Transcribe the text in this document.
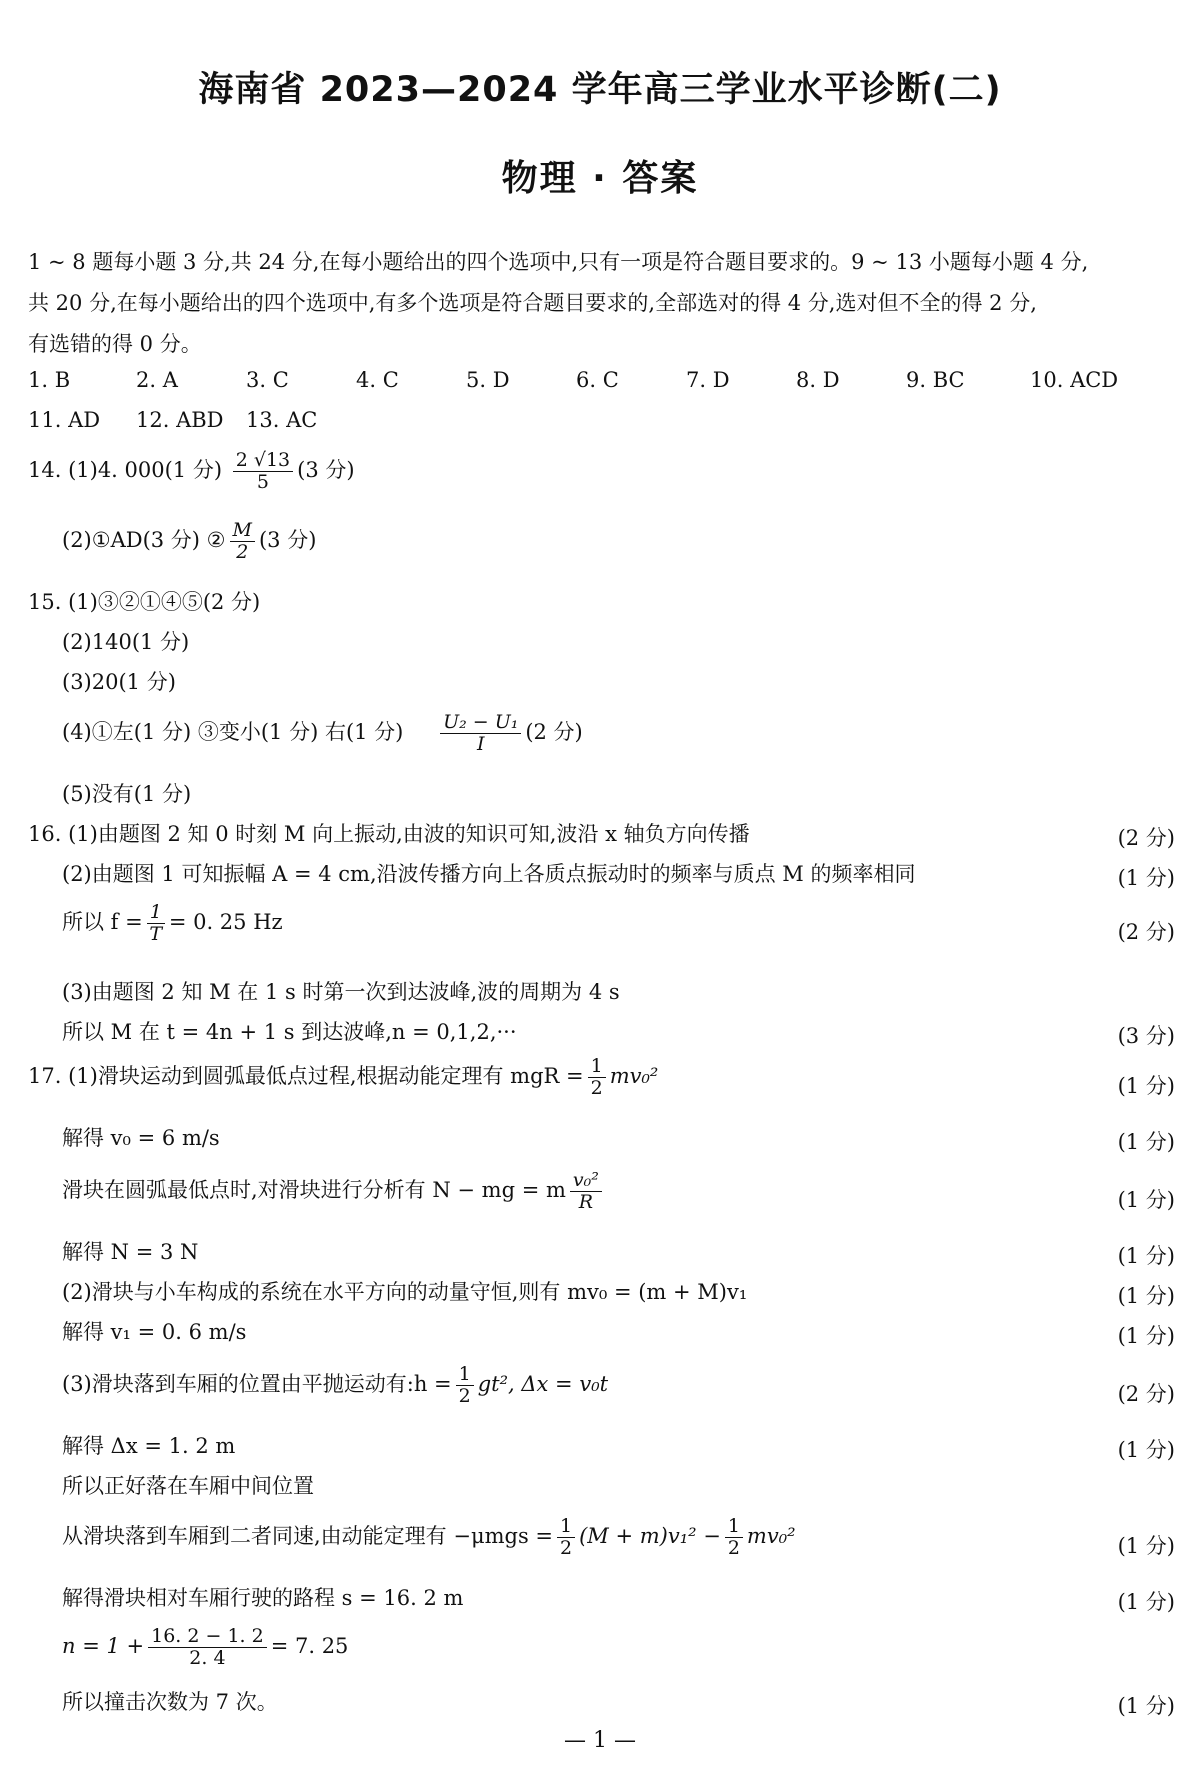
海南省 2023—2024 学年高三学业水平诊断(二)
物理 · 答案
1 ~ 8 题每小题 3 分,共 24 分,在每小题给出的四个选项中,只有一项是符合题目要求的。9 ~ 13 小题每小题 4 分,
共 20 分,在每小题给出的四个选项中,有多个选项是符合题目要求的,全部选对的得 4 分,选对但不全的得 2 分,
有选错的得 0 分。
1. B	2. A	3. C	4. C	5. D	6. C	7. D	8. D	9. BC	10. ACD
11. AD 12. ABD 13. AC
14. (1)4. 000(1 分) $\frac{2 √13}{5} (3$ 分)
(2)①AD(3 分) ② $\frac{M}{2} (3$ 分)
15. (1)③②①④⑤(2 分)
(2)140(1 分)
(3)20(1 分)
(4)①左(1 分) ③变小(1 分) 右(1 分) $\frac{\text{U₂ − U₁}}{I} (2$ 分)
(5)没有(1 分)
16. (1)由题图 2 知 0 时刻 M 向上振动,由波的知识可知,波沿 x 轴负方向传播	(2 分)
(2)由题图 1 可知振幅 A = 4 cm,沿波传播方向上各质点振动时的频率与质点 M 的频率相同	(1 分)
所以 $f = \frac{1}{T} = 0$. 25 Hz	(2 分)
(3)由题图 2 知 M 在 1 s 时第一次到达波峰,波的周期为 4 s
所以 M 在 t = 4n + 1 s 到达波峰,n = 0,1,2,···	(3 分)
17. (1)滑块运动到圆弧最低点过程,根据动能定理有 mgR = $\frac{1}{2} mv_0^2$	(1 分)
解得 v₀ = 6 m/s	(1 分)
滑块在圆弧最低点时,对滑块进行分析有 N − mg = m $\frac{\text{v₀²}}{R}$	(1 分)
解得 N = 3 N	(1 分)
(2)滑块与小车构成的系统在水平方向的动量守恒,则有 mv₀ = (m + M)v₁	(1 分)
解得 v₁ = 0. 6 m/s	(1 分)
(3)滑块落到车厢的位置由平抛运动有:h = $\frac{1}{2} gt^2$, Δx = v₀t	(2 分)
解得 Δx = 1. 2 m	(1 分)
所以正好落在车厢中间位置
从滑块落到车厢到二者同速,由动能定理有 $-\mu mgs = \frac{1}{2} (M + m)v_1^2 - \frac{1}{2} mv_0^2$	(1 分)
解得滑块相对车厢行驶的路程 s = 16. 2 m	(1 分)
$n = 1 + \frac{16. 2 - 1. 2}{2. 4} = 7$. 25
所以撞击次数为 7 次。	(1 分)
— 1 —
